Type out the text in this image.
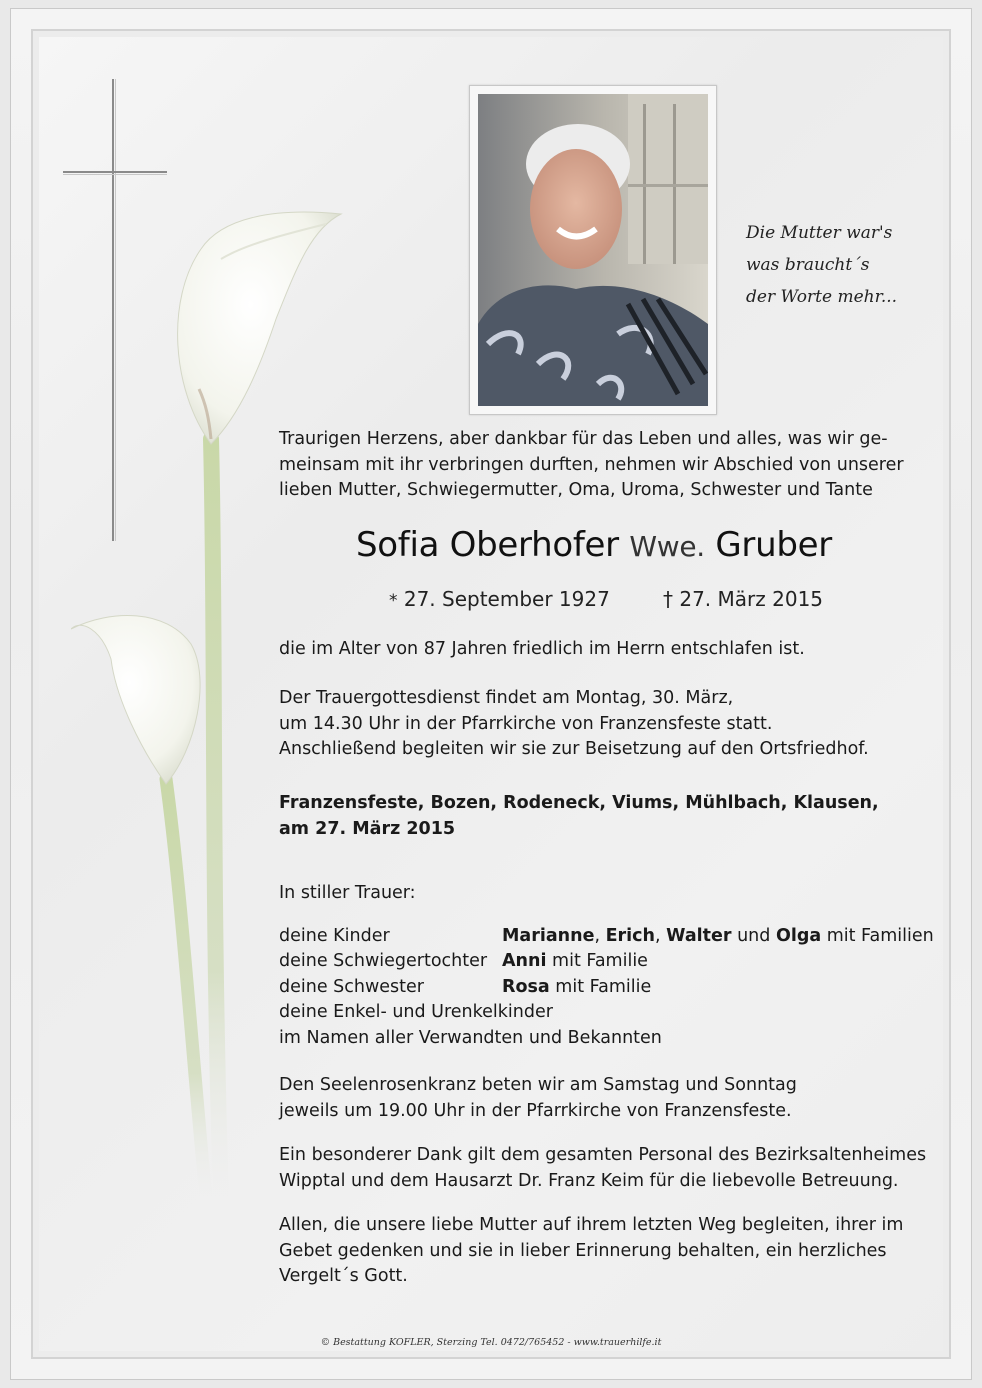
Die Mutter war's
was braucht´s
der Worte mehr...
Traurigen Herzens, aber dankbar für das Leben und alles, was wir ge-
meinsam mit ihr verbringen durften, nehmen wir Abschied von unserer
lieben Mutter, Schwiegermutter, Oma, Uroma, Schwester und Tante
Sofia Oberhofer Wwe. Gruber
* 27. September 1927	† 27. März 2015
die im Alter von 87 Jahren friedlich im Herrn entschlafen ist.
Der Trauergottesdienst findet am Montag, 30. März,
um 14.30 Uhr in der Pfarrkirche von Franzensfeste statt.
Anschließend begleiten wir sie zur Beisetzung auf den Ortsfriedhof.
Franzensfeste, Bozen, Rodeneck, Viums, Mühlbach, Klausen,
am 27. März 2015
In stiller Trauer:
deine Kinder	Marianne, Erich, Walter und Olga mit Familien
deine Schwiegertochter Anni mit Familie
deine Schwester	Rosa mit Familie
deine Enkel- und Urenkelkinder
im Namen aller Verwandten und Bekannten
Den Seelenrosenkranz beten wir am Samstag und Sonntag
jeweils um 19.00 Uhr in der Pfarrkirche von Franzensfeste.
Ein besonderer Dank gilt dem gesamten Personal des Bezirksaltenheimes
Wipptal und dem Hausarzt Dr. Franz Keim für die liebevolle Betreuung.
Allen, die unsere liebe Mutter auf ihrem letzten Weg begleiten, ihrer im
Gebet gedenken und sie in lieber Erinnerung behalten, ein herzliches
Vergelt´s Gott.
© Bestattung KOFLER, Sterzing Tel. 0472/765452 - www.trauerhilfe.it
